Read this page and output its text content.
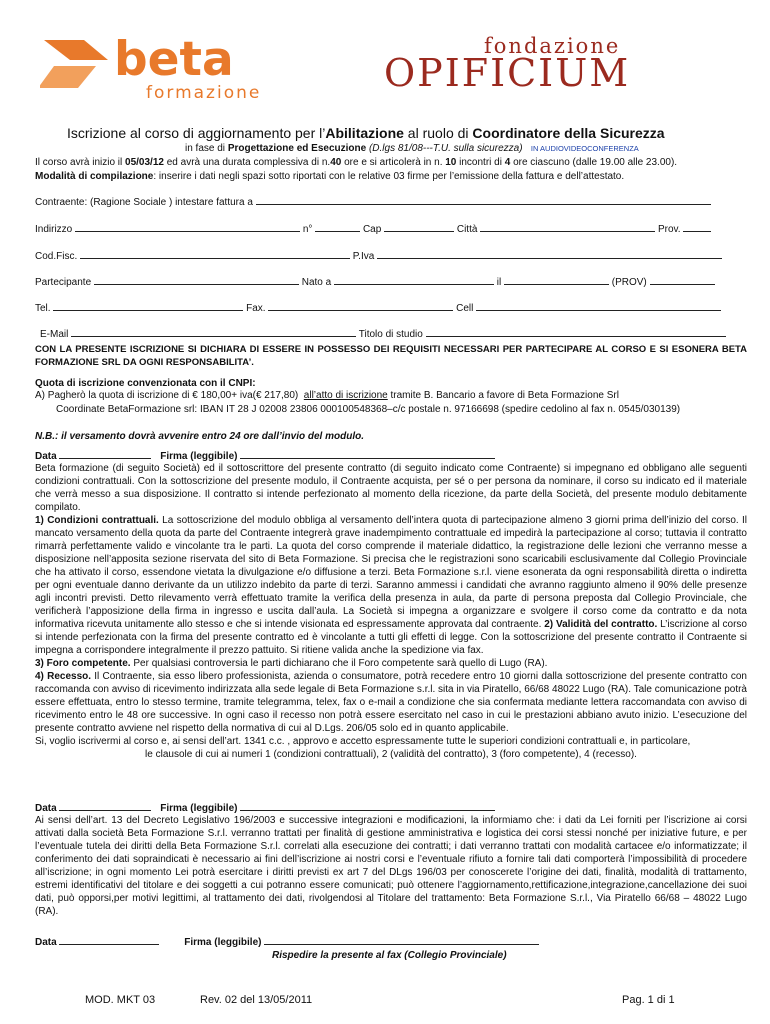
beta
formazione
fondazione
OPIFICIUM
Iscrizione al corso di aggiornamento per l’Abilitazione al ruolo di Coordinatore della Sicurezza
in fase di Progettazione ed Esecuzione (D.lgs 81/08---T.U. sulla sicurezza) IN AUDIOVIDEOCONFERENZA
Il corso avrà inizio il 05/03/12 ed avrà una durata complessiva di n.40 ore e si articolerà in n. 10 incontri di 4 ore ciascuno (dalle 19.00 alle 23.00).
Modalità di compilazione: inserire i dati negli spazi sotto riportati con le relative 03 firme per l’emissione della fattura e dell’attestato.
Contraente: (Ragione Sociale ) intestare fattura a
Indirizzo	n°	Cap	Città	Prov.
Cod.Fisc.	P.Iva
Partecipante	Nato a	il	(PROV)
Tel.	Fax.	Cell
E-Mail	Titolo di studio
CON LA PRESENTE ISCRIZIONE SI DICHIARA DI ESSERE IN POSSESSO DEI REQUISITI NECESSARI PER PARTECIPARE AL CORSO E SI ESONERA BETA FORMAZIONE SRL DA OGNI RESPONSABILITA’.
Quota di iscrizione convenzionata con il CNPI:
A) Pagherò la quota di iscrizione di € 180,00+ iva(€ 217,80) all’atto di iscrizione tramite B. Bancario a favore di Beta Formazione Srl
Coordinate BetaFormazione srl: IBAN IT 28 J 02008 23806 000100548368–c/c postale n. 97166698 (spedire cedolino al fax n. 0545/030139)
N.B.: il versamento dovrà avvenire entro 24 ore dall’invio del modulo.
Data	Firma (leggibile)

Beta formazione (di seguito Società) ed il sottoscrittore del presente contratto (di seguito indicato come Contraente) si impegnano ed obbligano alle seguenti condizioni contrattuali. Con la sottoscrizione del presente modulo, il Contraente acquista, per sé o per persona da nominare, il corso su indicato ed il materiale che verrà messo a sua disposizione. Il contratto si intende perfezionato al momento della ricezione, da parte della Società, del presente modulo debitamente compilato.

1) Condizioni contrattuali. La sottoscrizione del modulo obbliga al versamento dell’intera quota di partecipazione almeno 3 giorni prima dell’inizio del corso. Il mancato versamento della quota da parte del Contraente integrerà grave inadempimento contrattuale ed impedirà la partecipazione al corso; tuttavia il contratto rimarrà perfettamente valido e vincolante tra le parti. La quota del corso comprende il materiale didattico, la registrazione delle lezioni che verranno messe a disposizione nell’apposita sezione riservata del sito di Beta Formazione. Si precisa che le registrazioni sono scaricabili esclusivamente dal Collegio Provinciale che ha attivato il corso, essendone vietata la divulgazione e/o diffusione a terzi. Beta Formazione s.r.l. viene esonerata da ogni responsabilità diretta o indiretta per ogni eventuale danno derivante da un utilizzo indebito da parte di terzi. Saranno ammessi i candidati che avranno raggiunto almeno il 90% delle presenze agli incontri previsti. Detto rilevamento verrà effettuato tramite la verifica della presenza in aula, da parte di persona preposta dal Collegio Provinciale, che verificherà l’apposizione della firma in ingresso e uscita dall’aula. La Società si impegna a organizzare e svolgere il corso come da contratto e da nota informativa ricevuta unitamente allo stesso e che si intende visionata ed espressamente approvata dal contraente. 2) Validità del contratto. L’iscrizione al corso si intende perfezionata con la firma del presente contratto ed è vincolante a tutti gli effetti di legge. Con la sottoscrizione del presente contratto il Contraente si impegna a corrispondere integralmente il prezzo pattuito. Si ritiene valida anche la spedizione via fax.

3) Foro competente. Per qualsiasi controversia le parti dichiarano che il Foro competente sarà quello di Lugo (RA).

4) Recesso. Il Contraente, sia esso libero professionista, azienda o consumatore, potrà recedere entro 10 giorni dalla sottoscrizione del presente contratto con raccomanda con avviso di ricevimento indirizzata alla sede legale di Beta Formazione s.r.l. sita in via Piratello, 66/68 48022 Lugo (RA). Tale comunicazione potrà essere effettuata, entro lo stesso termine, tramite telegramma, telex, fax o e-mail a condizione che sia confermata mediante lettera raccomandata con avviso di ricevimento entro le 48 ore successive. In ogni caso il recesso non potrà essere esercitato nel caso in cui le prestazioni abbiano avuto inizio. L’esecuzione del presente contratto avviene nel rispetto della normativa di cui al D.Lgs. 206/05 solo ed in quanto applicabile.

Si, voglio iscrivermi al corso e, ai sensi dell’art. 1341 c.c. , approvo e accetto espressamente tutte le superiori condizioni contrattuali e, in particolare,

le clausole di cui ai numeri 1 (condizioni contrattuali), 2 (validità del contratto), 3 (foro competente), 4 (recesso).

Data	Firma (leggibile)
Ai sensi dell’art. 13 del Decreto Legislativo 196/2003 e successive integrazioni e modificazioni, la informiamo che: i dati da Lei forniti per l’iscrizione ai corsi attivati dalla società Beta Formazione S.r.l. verranno trattati per finalità di gestione amministrativa e logistica dei corsi stessi nonché per iniziative future, e per l’eventuale tutela dei diritti della Beta Formazione S.r.l. correlati alla esecuzione dei contratti; i dati verranno trattati con modalità cartacee e/o informatizzate; il conferimento dei dati sopraindicati è necessario ai fini dell’iscrizione ai nostri corsi e l’eventuale rifiuto a fornire tali dati comporterà l’impossibilità di procedere all’iscrizione; in ogni momento Lei potrà esercitare i diritti previsti ex art 7 del DLgs 196/03 per conoscerete l’origine dei dati, finalità, modalità di trattamento, estremi identificativi del titolare e dei soggetti a cui potranno essere comunicati; può ottenere l’aggiornamento,rettificazione,integrazione,cancellazione dei suoi dati, può opporsi,per motivi legittimi, al trattamento dei dati, rivolgendosi al Titolare del trattamento: Beta Formazione S.r.l., Via Piratello 66/68 – 48022 Lugo (RA).
Data	Firma (leggibile)
Rispedire la presente al fax (Collegio Provinciale)
MOD. MKT 03	Rev. 02 del 13/05/2011	Pag. 1 di 1
